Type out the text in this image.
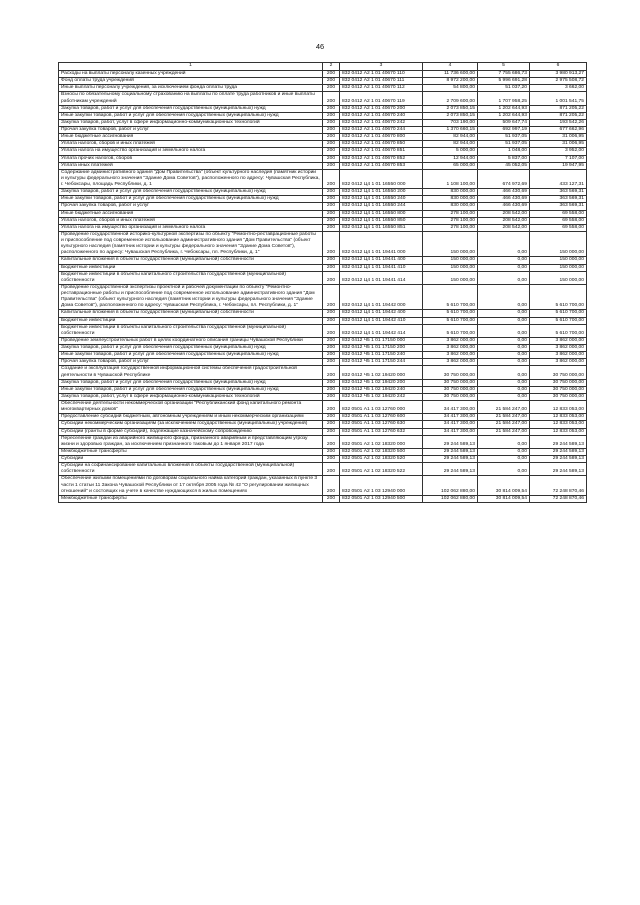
46
1	2	3	4	5	6
Расходы на выплаты персоналу казенных учреждений	200	832 0412 А2 1 01 40670 110	11 736 600,00	7 755 686,73	3 980 913,27
Фонд оплаты труда учреждений	200	832 0412 А2 1 01 40670 111	8 972 200,00	5 996 691,28	2 975 508,72
Иные выплаты персоналу учреждений, за исключением фонда оплаты труда	200	832 0412 А2 1 01 40670 112	54 800,00	51 037,20	3 662,00
Взносы по обязательному социальному страхованию на выплаты по оплате труда работников и иные выплаты работникам учреждений	200	832 0412 А2 1 01 40670 119	2 709 600,00	1 707 958,25	1 001 541,75
Закупка товаров, работ и услуг для обеспечения государственных (муниципальных) нужд	200	832 0412 А2 1 01 40670 200	2 073 850,15	1 202 644,93	871 205,22
Иные закупки товаров, работ и услуг для обеспечения государственных (муниципальных) нужд	200	832 0412 А2 1 01 40670 240	2 073 850,15	1 202 644,93	871 205,22
Закупка товаров, работ, услуг в сфере информационно-коммуникационных технологий	200	832 0412 А2 1 01 40670 242	703 190,00	509 647,74	193 542,26
Прочая закупка товаров, работ и услуг	200	832 0412 А2 1 01 40670 244	1 370 660,15	692 997,19	677 662,96
Иные бюджетные ассигнования	200	832 0412 А2 1 01 40670 800	82 944,00	51 937,05	31 006,95
Уплата налогов, сборов и иных платежей	200	832 0412 А2 1 01 40670 850	82 944,00	51 937,05	31 006,95
Уплата налога на имущество организаций и земельного налога	200	832 0412 А2 1 01 40670 851	5 000,00	1 048,00	3 952,00
Уплата прочих налогов, сборов	200	832 0412 А2 1 01 40670 852	12 944,00	5 837,00	7 107,00
Уплата иных платежей	200	832 0412 А2 1 01 40670 853	65 000,00	45 052,05	19 947,95
Содержание административного здания "Дом Правительства" (объект культурного наследия (памятник истории и культуры федерального значения "Здание Дома Советов"), расположенного по адресу: Чувашская Республика, г. Чебоксары, площадь Республики, д. 1	200	832 0412 Ц4 1 01 16550 000	1 108 100,00	674 972,69	433 127,31
Закупка товаров, работ и услуг для обеспечения государственных (муниципальных) нужд	200	832 0412 Ц4 1 01 16550 200	830 000,00	466 430,69	363 569,31
Иные закупки товаров, работ и услуг для обеспечения государственных (муниципальных) нужд	200	832 0412 Ц4 1 01 16550 240	830 000,00	466 430,69	363 569,31
Прочая закупка товаров, работ и услуг	200	832 0412 Ц4 1 01 16550 244	830 000,00	466 430,69	363 569,31
Иные бюджетные ассигнования	200	832 0412 Ц4 1 01 16550 800	278 100,00	208 542,00	69 558,00
Уплата налогов, сборов и иных платежей	200	832 0412 Ц4 1 01 16550 850	278 100,00	208 542,00	69 558,00
Уплата налога на имущество организаций и земельного налога	200	832 0412 Ц4 1 01 16550 851	278 100,00	208 542,00	69 558,00
Проведение государственной историко-культурной экспертизы по объекту "Ремонтно-реставрационные работы и приспособление под современное использование административного здания "Дом Правительства" (объект культурного наследия (памятник истории и культуры федерального значения "Здание Дома Советов"), расположенного по адресу: Чувашская Республика, г. Чебоксары, пл. Республики, д. 1"	200	832 0412 Ц4 1 01 19441 000	150 000,00	0,00	150 000,00
Капитальные вложения в объекты государственной (муниципальной) собственности	200	832 0412 Ц4 1 01 19441 400	150 000,00	0,00	150 000,00
Бюджетные инвестиции	200	832 0412 Ц4 1 01 19441 410	150 000,00	0,00	150 000,00
Бюджетные инвестиции в объекты капитального строительства государственной (муниципальной) собственности	200	832 0412 Ц4 1 01 19441 414	150 000,00	0,00	150 000,00
Проведение государственной экспертизы проектной и рабочей документации по объекту "Ремонтно-реставрационные работы и приспособление под современное использование административного здания "Дом Правительства" (объект культурного наследия (памятник истории и культуры федерального значения "Здание Дома Советов"), расположенного по адресу: Чувашская Республика, г. Чебоксары, пл. Республики, д. 1"	200	832 0412 Ц4 1 01 19442 000	5 610 700,00	0,00	5 610 700,00
Капитальные вложения в объекты государственной (муниципальной) собственности	200	832 0412 Ц4 1 01 19442 400	5 610 700,00	0,00	5 610 700,00
Бюджетные инвестиции	200	832 0412 Ц4 1 01 19442 410	5 610 700,00	0,00	5 610 700,00
Бюджетные инвестиции в объекты капитального строительства государственной (муниципальной) собственности	200	832 0412 Ц4 1 01 19442 414	5 610 700,00	0,00	5 610 700,00
Проведение землеустроительных работ в целях координатного описания границы Чувашской Республики	200	832 0412 Ч5 1 01 17150 000	3 862 000,00	0,00	3 862 000,00
Закупка товаров, работ и услуг для обеспечения государственных (муниципальных) нужд	200	832 0412 Ч5 1 01 17150 200	3 862 000,00	0,00	3 862 000,00
Иные закупки товаров, работ и услуг для обеспечения государственных (муниципальных) нужд	200	832 0412 Ч5 1 01 17150 240	3 862 000,00	0,00	3 862 000,00
Прочая закупка товаров, работ и услуг	200	832 0412 Ч5 1 01 17150 244	3 862 000,00	0,00	3 862 000,00
Создание и эксплуатация государственной информационной системы обеспечения градостроительной деятельности в Чувашской Республике	200	832 0412 Ч5 1 02 19420 000	30 750 000,00	0,00	30 750 000,00
Закупка товаров, работ и услуг для обеспечения государственных (муниципальных) нужд	200	832 0412 Ч5 1 02 19420 200	30 750 000,00	0,00	30 750 000,00
Иные закупки товаров, работ и услуг для обеспечения государственных (муниципальных) нужд	200	832 0412 Ч5 1 02 19420 240	30 750 000,00	0,00	30 750 000,00
Закупка товаров, работ, услуг в сфере информационно-коммуникационных технологий	200	832 0412 Ч5 1 02 19420 242	30 750 000,00	0,00	30 750 000,00
Обеспечение деятельности некоммерческой организации "Республиканский фонд капитального ремонта многоквартирных домов"	200	832 0501 А1 1 03 12760 000	34 417 300,00	21 584 247,00	12 833 053,00
Предоставление субсидий бюджетным, автономным учреждениям и иным некоммерческим организациям	200	832 0501 А1 1 03 12760 600	34 417 300,00	21 584 247,00	12 833 053,00
Субсидии некоммерческим организациям (за исключением государственных (муниципальных) учреждений)	200	832 0501 А1 1 03 12760 630	34 417 300,00	21 584 247,00	12 833 053,00
Субсидии (гранты в форме субсидий), подлежащие казначейскому сопровождению	200	832 0501 А1 1 03 12760 632	34 417 300,00	21 584 247,00	12 833 053,00
Переселение граждан из аварийного жилищного фонда, признанного аварийным и представляющим угрозу жизни и здоровью граждан, за исключением признанного таковым до 1 января 2017 года	200	832 0501 А2 1 02 18320 000	29 244 589,13	0,00	29 244 589,13
Межбюджетные трансферты	200	832 0501 А2 1 02 18320 500	29 244 589,13	0,00	29 244 589,13
Субсидии	200	832 0501 А2 1 02 18320 520	29 244 589,13	0,00	29 244 589,13
Субсидии на софинансирование капитальных вложений в объекты государственной (муниципальной) собственности	200	832 0501 А2 1 02 18320 522	29 244 589,13	0,00	29 244 589,13
Обеспечение жилыми помещениями по договорам социального найма категорий граждан, указанных в пункте 3 части 1 статьи 11 Закона Чувашской Республики от 17 октября 2005 года № 42 "О регулировании жилищных отношений" и состоящих на учете в качестве нуждающихся в жилых помещениях	200	832 0501 А2 1 03 12940 000	102 062 880,00	30 814 009,54	72 248 870,46
Межбюджетные трансферты	200	832 0501 А2 1 03 12940 500	102 062 880,00	30 814 009,54	72 248 870,46
